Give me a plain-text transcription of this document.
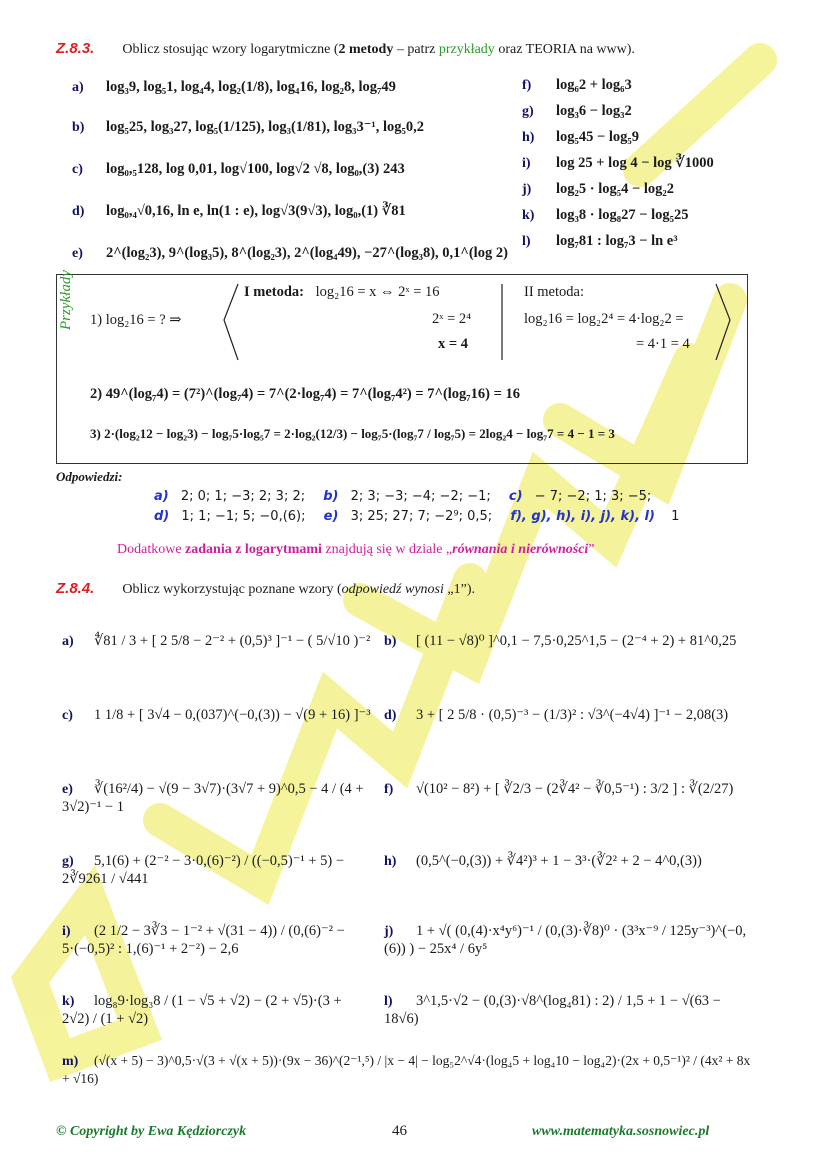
Z.8.3. Oblicz stosując wzory logarytmiczne (2 metody – patrz przykłady oraz TEORIA na www).
a) log₃9, log₅1, log₄4, log₂(1/8), log₄16, log₂8, log₇49
b) log₅25, log₃27, log₅(1/125), log₃(1/81), log₃3⁻¹, log₅0,2
c) log₀,₅128, log 0,01, log√100, log√2 √8, log₀,(3) 243
d) log₀,₄√0,16, ln e, ln(1 : e), log√3(9√3), log₀,(1) ∛81
e) 2^(log₂3), 9^(log₃5), 8^(log₂3), 2^(log₄49), −27^(log₃8), 0,1^(log 2)
f) log₆2 + log₆3
g) log₃6 − log₃2
h) log₅45 − log₅9
i) log 25 + log 4 − log ∛1000
j) log₂5 · log₅4 − log₂2
k) log₃8 · log₈27 − log₅25
l) log₇81 : log₇3 − ln e³
Przykłady 1) log₂16 = ? ⇒
I metoda: log₂16 = x ⇔ 2ˣ = 16
2ˣ = 2⁴
x = 4
II metoda:
log₂16 = log₂2⁴ = 4·log₂2 =
= 4·1 = 4
2) 49^(log₇4) = (7²)^(log₇4) = 7^(2·log₇4) = 7^(log₇4²) = 7^(log₇16) = 16
3) 2·(log₂12 − log₂3) − log₇5·log₅7 = 2·log₂(12/3) − log₇5·(log₇7 / log₇5) = 2log₂4 − log₇7 = 4 − 1 = 3
Odpowiedzi:
a) 2; 0; 1; −3; 2; 3; 2; b) 2; 3; −3; −4; −2; −1; c) − 7; −2; 1; 3; −5;
d) 1; 1; −1; 5; −0,(6); e) 3; 25; 27; 7; −2⁹; 0,5; f), g), h), i), j), k), l) 1
Dodatkowe zadania z logarytmami znajdują się w dziale „równania i nierówności”
Z.8.4. Oblicz wykorzystując poznane wzory (odpowiedź wynosi „1”).
a) ∜81 / 3 + [ 2 5/8 − 2⁻² + (0,5)³ ]⁻¹ − ( 5/√10 )⁻² b) [ (11 − √8)⁰ ]^0,1 − 7,5·0,25^1,5 − (2⁻⁴ + 2) + 81^0,25
c) 1 1/8 + [ 3√4 − 0,(037)^(−0,(3)) − √(9 + 16) ]⁻³ d) 3 + [ 2 5/8 · (0,5)⁻³ − (1/3)² : √3^(−4√4) ]⁻¹ − 2,08(3)
e) ∛(16²/4) − √(9 − 3√7)·(3√7 + 9)^0,5 − 4 / (4 + 3√2)⁻¹ − 1
f) √(10² − 8²) + [ ∛2/3 − (2∛4² − ∛0,5⁻¹) : 3/2 ] : ∛(2/27)
g) 5,1(6) + (2⁻² − 3·0,(6)⁻²) / ((−0,5)⁻¹ + 5) − 2∛9261 / √441
h) (0,5^(−0,(3)) + ∛4²)³ + 1 − 3³·(∛2² + 2 − 4^0,(3))
i) (2 1/2 − 3∛3 − 1⁻² + √(31 − 4)) / (0,(6)⁻² − 5·(−0,5)² : 1,(6)⁻¹ + 2⁻²) − 2,6
j) 1 + √( (0,(4)·x⁴y⁶)⁻¹ / (0,(3)·∛8)⁰ · (3³x⁻⁹ / 125y⁻³)^(−0,(6)) ) − 25x⁴ / 6y⁵
k) log₈9·log₃8 / (1 − √5 + √2) − (2 + √5)·(3 + 2√2) / (1 + √2)
l) 3^1,5·√2 − (0,(3)·√8^(log₄81) : 2) / 1,5 + 1 − √(63 − 18√6)
m) (√(x + 5) − 3)^0,5·√(3 + √(x + 5))·(9x − 36)^(2⁻¹,⁵) / |x − 4| − log₅2^√4·(log₄5 + log₄10 − log₄2)·(2x + 0,5⁻¹)² / (4x² + 8x + √16)
© Copyright by Ewa Kędziorczyk	46	www.matematyka.sosnowiec.pl
